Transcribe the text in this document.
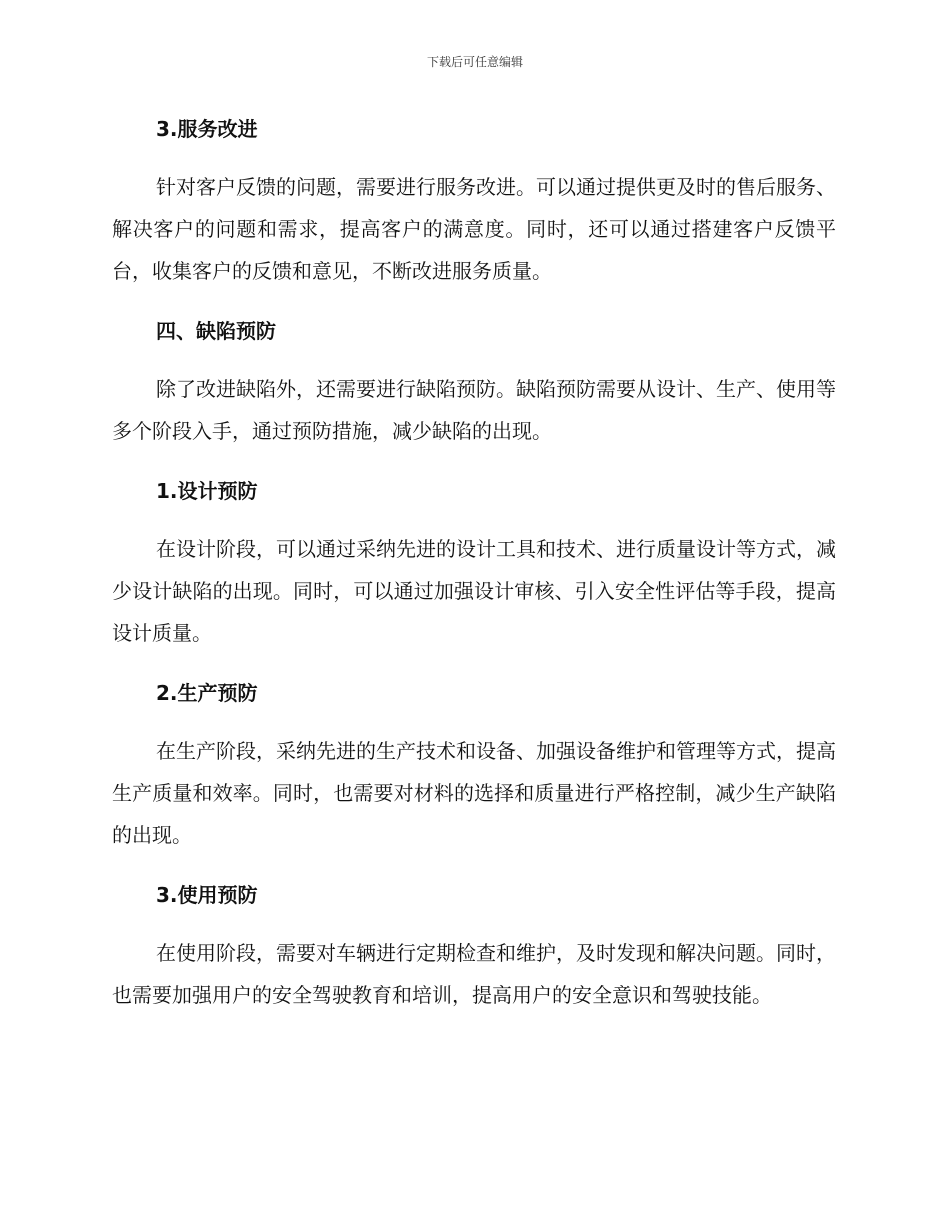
下载后可任意编辑
3.服务改进

针对客户反馈的问题，需要进行服务改进。可以通过提供更及时的售后服务、解决客户的问题和需求，提高客户的满意度。同时，还可以通过搭建客户反馈平台，收集客户的反馈和意见，不断改进服务质量。

四、缺陷预防

除了改进缺陷外，还需要进行缺陷预防。缺陷预防需要从设计、生产、使用等多个阶段入手，通过预防措施，减少缺陷的出现。

1.设计预防

在设计阶段，可以通过采纳先进的设计工具和技术、进行质量设计等方式，减少设计缺陷的出现。同时，可以通过加强设计审核、引入安全性评估等手段，提高设计质量。

2.生产预防

在生产阶段，采纳先进的生产技术和设备、加强设备维护和管理等方式，提高生产质量和效率。同时，也需要对材料的选择和质量进行严格控制，减少生产缺陷的出现。

3.使用预防

在使用阶段，需要对车辆进行定期检查和维护，及时发现和解决问题。同时，也需要加强用户的安全驾驶教育和培训，提高用户的安全意识和驾驶技能。
